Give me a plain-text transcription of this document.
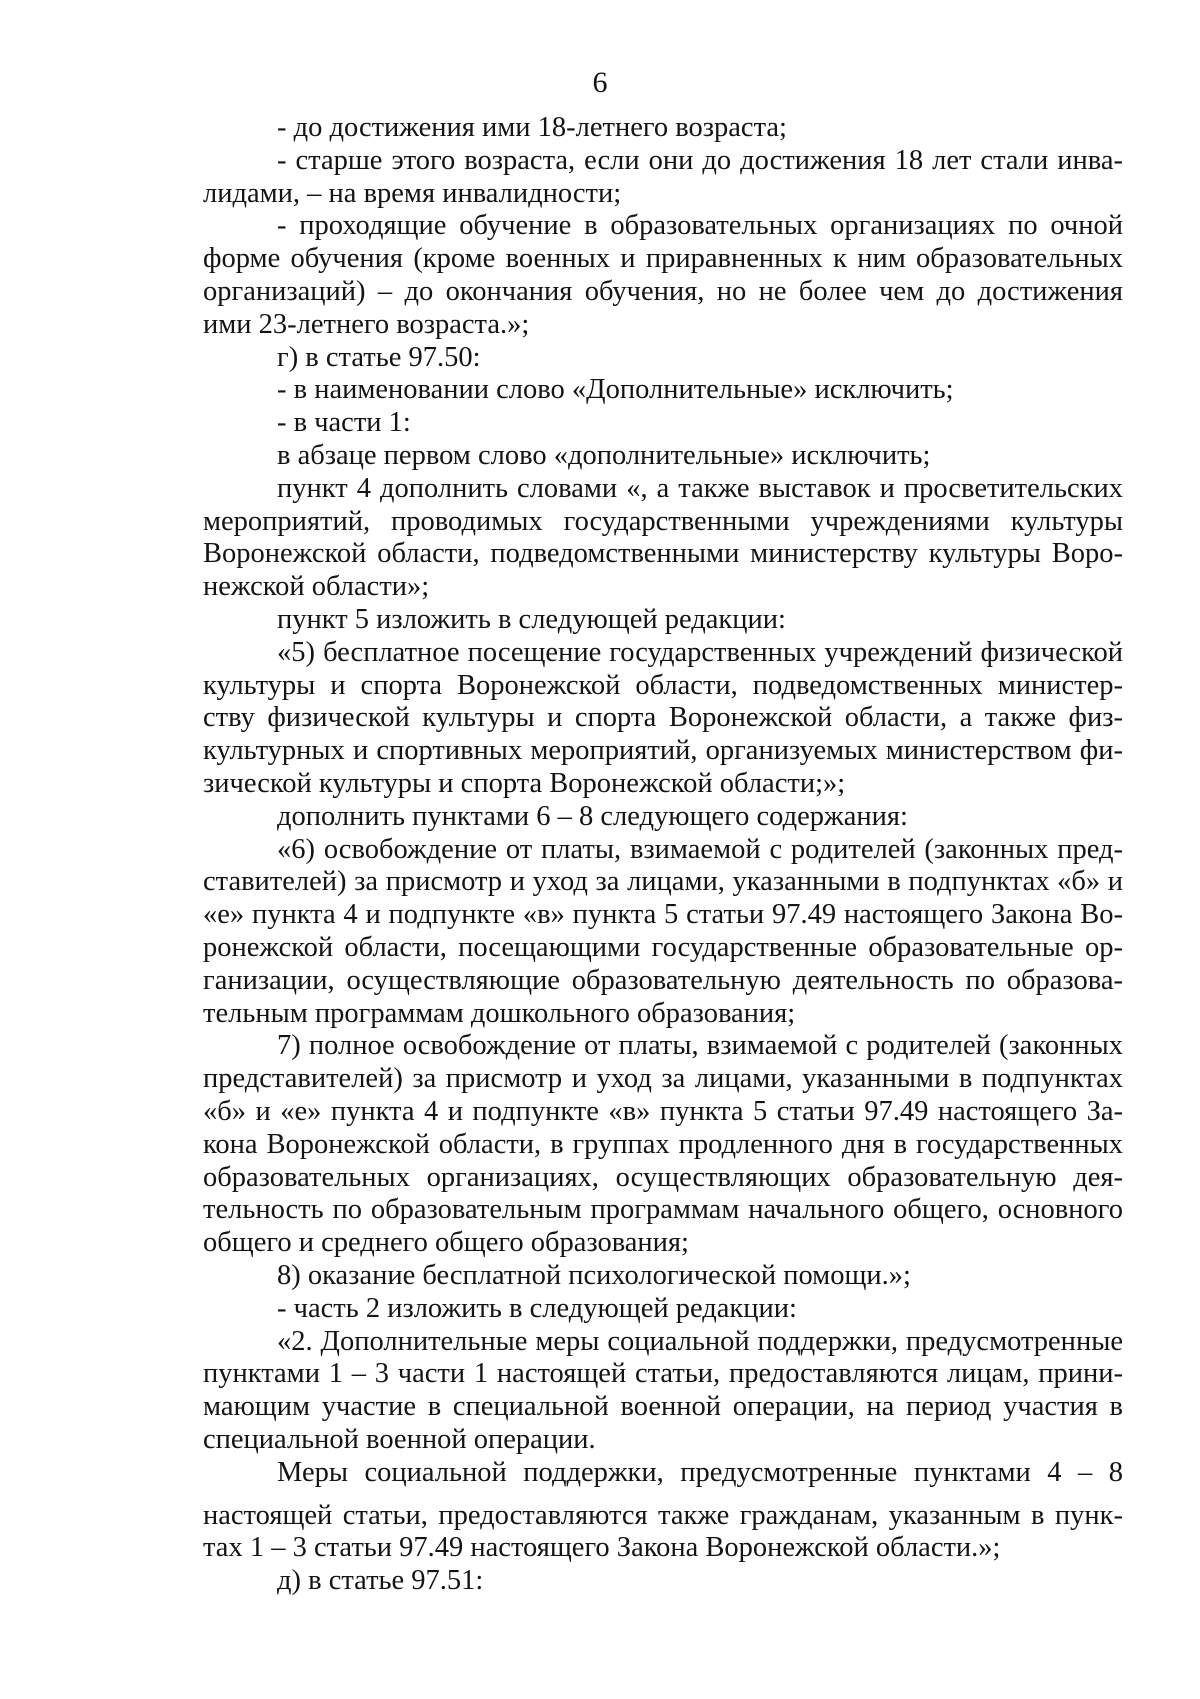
6
- до достижения ими 18-летнего возраста;
- старше этого возраста, если они до достижения 18 лет стали инва-
лидами, – на время инвалидности;
- проходящие обучение в образовательных организациях по очной
форме обучения (кроме военных и приравненных к ним образовательных
организаций) – до окончания обучения, но не более чем до достижения
ими 23-летнего возраста.»;
г) в статье 97.50:
- в наименовании слово «Дополнительные» исключить;
- в части 1:
в абзаце первом слово «дополнительные» исключить;
пункт 4 дополнить словами «, а также выставок и просветительских
мероприятий, проводимых государственными учреждениями культуры
Воронежской области, подведомственными министерству культуры Воро-
нежской области»;
пункт 5 изложить в следующей редакции:
«5) бесплатное посещение государственных учреждений физической
культуры и спорта Воронежской области, подведомственных министер-
ству физической культуры и спорта Воронежской области, а также физ-
культурных и спортивных мероприятий, организуемых министерством фи-
зической культуры и спорта Воронежской области;»;
дополнить пунктами 6 – 8 следующего содержания:
«6) освобождение от платы, взимаемой с родителей (законных пред-
ставителей) за присмотр и уход за лицами, указанными в подпунктах «б» и
«е» пункта 4 и подпункте «в» пункта 5 статьи 97.49 настоящего Закона Во-
ронежской области, посещающими государственные образовательные ор-
ганизации, осуществляющие образовательную деятельность по образова-
тельным программам дошкольного образования;
7) полное освобождение от платы, взимаемой с родителей (законных
представителей) за присмотр и уход за лицами, указанными в подпунктах
«б» и «е» пункта 4 и подпункте «в» пункта 5 статьи 97.49 настоящего За-
кона Воронежской области, в группах продленного дня в государственных
образовательных организациях, осуществляющих образовательную дея-
тельность по образовательным программам начального общего, основного
общего и среднего общего образования;
8) оказание бесплатной психологической помощи.»;
- часть 2 изложить в следующей редакции:
«2. Дополнительные меры социальной поддержки, предусмотренные
пунктами 1 – 3 части 1 настоящей статьи, предоставляются лицам, прини-
мающим участие в специальной военной операции, на период участия в
специальной военной операции.
Меры социальной поддержки, предусмотренные пунктами 4 – 8
настоящей статьи, предоставляются также гражданам, указанным в пунк-
тах 1 – 3 статьи 97.49 настоящего Закона Воронежской области.»;
д) в статье 97.51:
